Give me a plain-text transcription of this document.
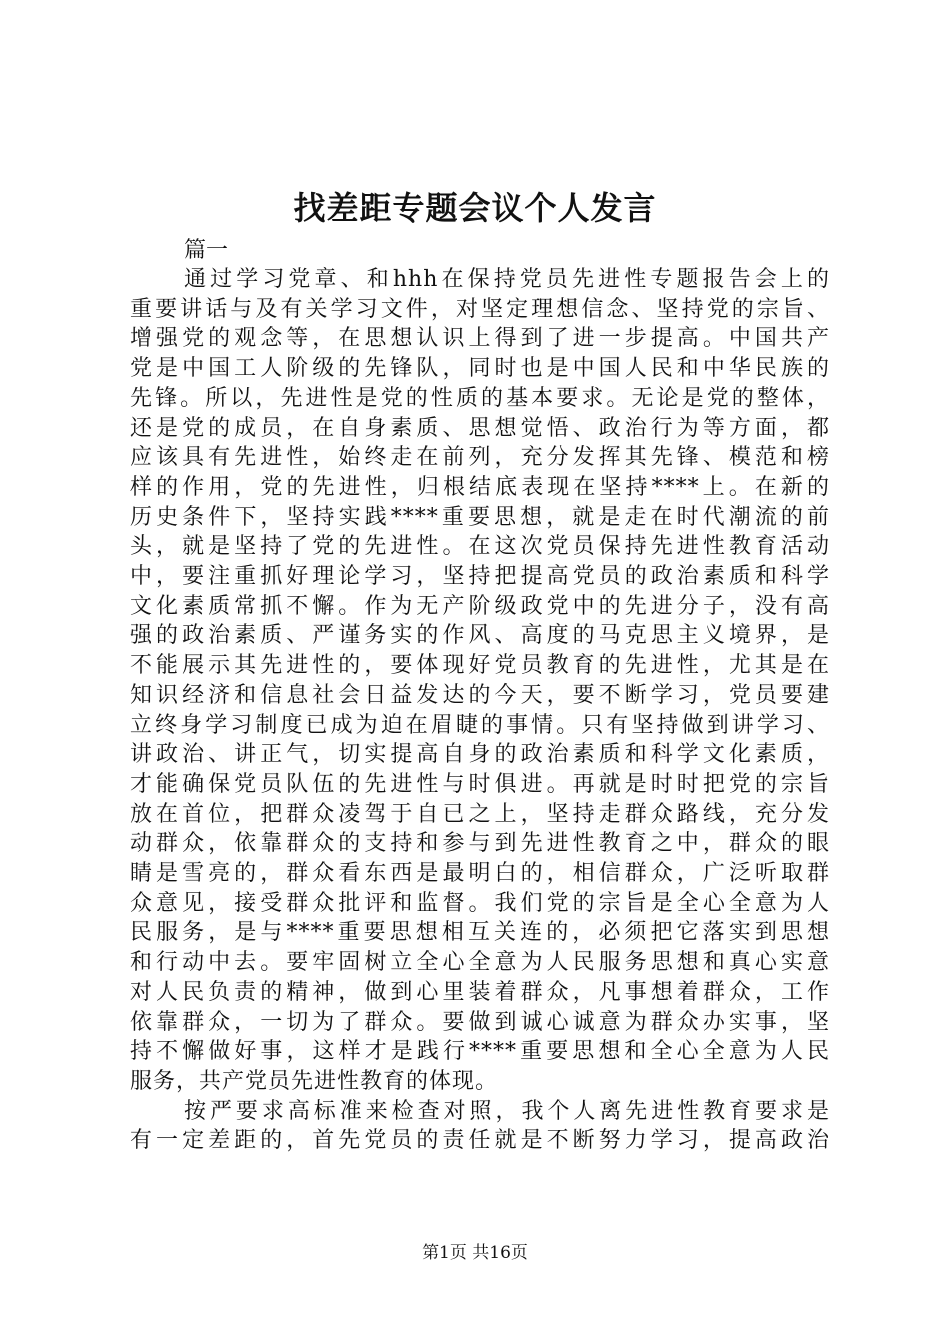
找差距专题会议个人发言

篇一

通过学习党章、和hhh在保持党员先进性专题报告会上的

重要讲话与及有关学习文件，对坚定理想信念、坚持党的宗旨、

增强党的观念等，在思想认识上得到了进一步提高。中国共产

党是中国工人阶级的先锋队，同时也是中国人民和中华民族的

先锋。所以，先进性是党的性质的基本要求。无论是党的整体，

还是党的成员，在自身素质、思想觉悟、政治行为等方面，都

应该具有先进性，始终走在前列，充分发挥其先锋、模范和榜

样的作用，党的先进性，归根结底表现在坚持****上。在新的

历史条件下，坚持实践****重要思想，就是走在时代潮流的前

头，就是坚持了党的先进性。在这次党员保持先进性教育活动

中，要注重抓好理论学习，坚持把提高党员的政治素质和科学

文化素质常抓不懈。作为无产阶级政党中的先进分子，没有高

强的政治素质、严谨务实的作风、高度的马克思主义境界，是

不能展示其先进性的，要体现好党员教育的先进性，尤其是在

知识经济和信息社会日益发达的今天，要不断学习，党员要建

立终身学习制度已成为迫在眉睫的事情。只有坚持做到讲学习、

讲政治、讲正气，切实提高自身的政治素质和科学文化素质，

才能确保党员队伍的先进性与时俱进。再就是时时把党的宗旨

放在首位，把群众凌驾于自已之上，坚持走群众路线，充分发

动群众，依靠群众的支持和参与到先进性教育之中，群众的眼

睛是雪亮的，群众看东西是最明白的，相信群众，广泛听取群

众意见，接受群众批评和监督。我们党的宗旨是全心全意为人

民服务，是与****重要思想相互关连的，必须把它落实到思想

和行动中去。要牢固树立全心全意为人民服务思想和真心实意

对人民负责的精神，做到心里装着群众，凡事想着群众，工作

依靠群众，一切为了群众。要做到诚心诚意为群众办实事，坚

持不懈做好事，这样才是践行****重要思想和全心全意为人民

服务，共产党员先进性教育的体现。

按严要求高标准来检查对照，我个人离先进性教育要求是

有一定差距的，首先党员的责任就是不断努力学习，提高政治

第1页 共16页
